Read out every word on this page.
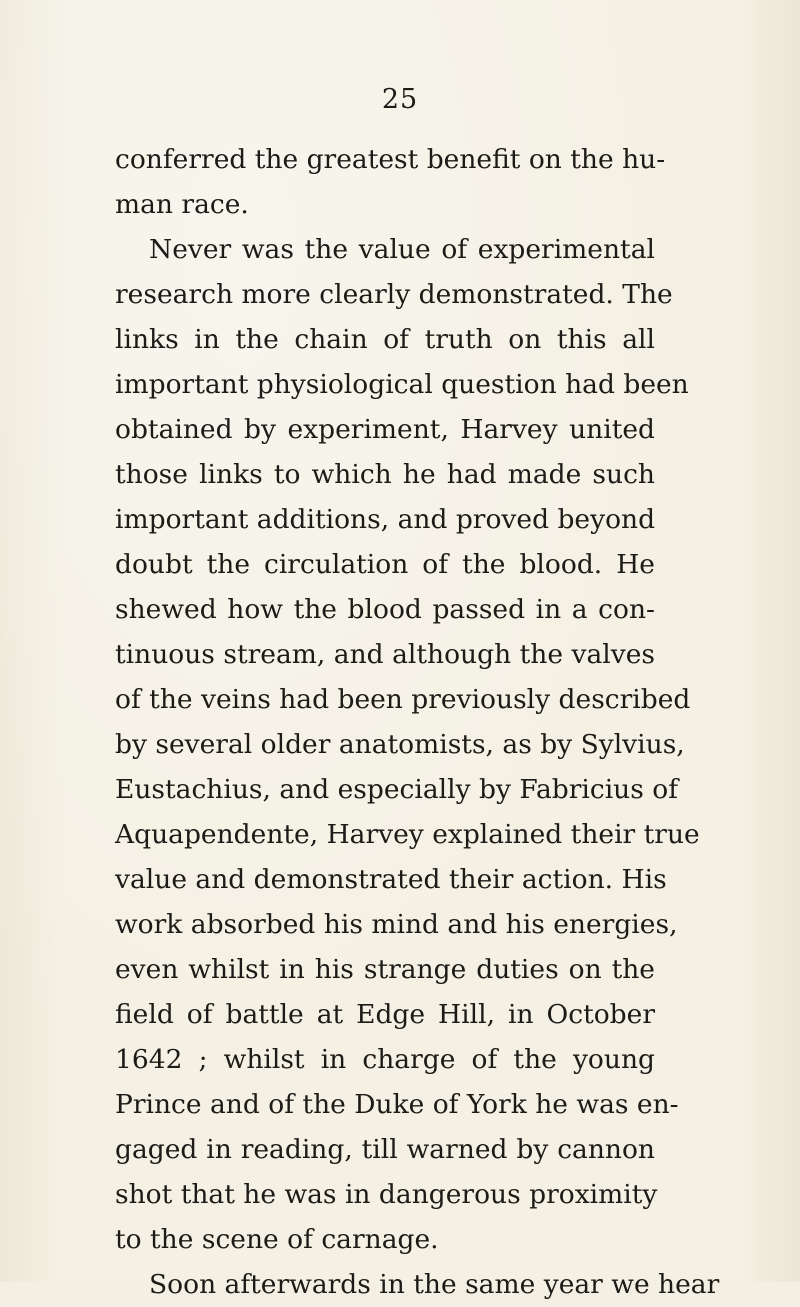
25
conferred the greatest benefit on the hu-
man race.
Never was the value of experimental
research more clearly demonstrated. The
links in the chain of truth on this all
important physiological question had been
obtained by experiment, Harvey united
those links to which he had made such
important additions, and proved beyond
doubt the circulation of the blood. He
shewed how the blood passed in a con-
tinuous stream, and although the valves
of the veins had been previously described
by several older anatomists, as by Sylvius,
Eustachius, and especially by Fabricius of
Aquapendente, Harvey explained their true
value and demonstrated their action. His
work absorbed his mind and his energies,
even whilst in his strange duties on the
field of battle at Edge Hill, in October
1642 ; whilst in charge of the young
Prince and of the Duke of York he was en-
gaged in reading, till warned by cannon
shot that he was in dangerous proximity
to the scene of carnage.
Soon afterwards in the same year we hear
